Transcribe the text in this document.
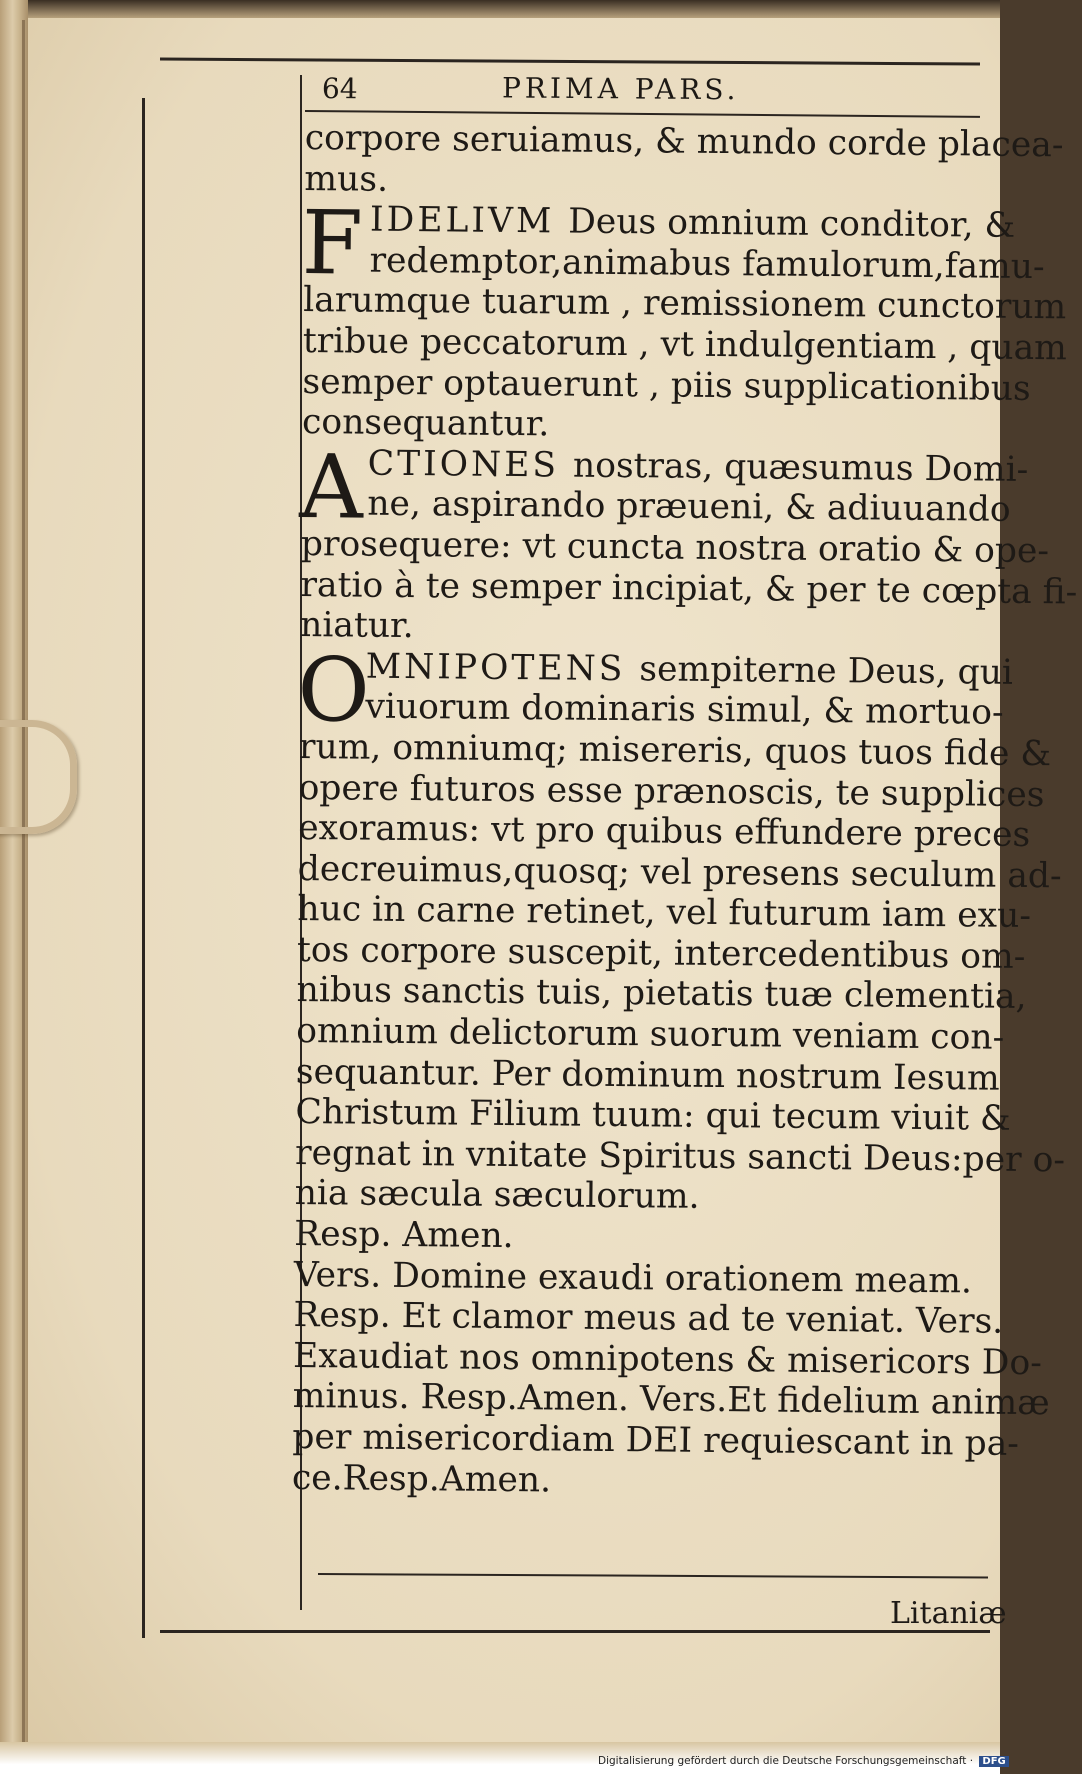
64	PRIMA PARS.
corpore seruiamus, & mundo corde placea-
mus.
F IDELIVM Deus omnium conditor, &
redemptor,animabus famulorum,famu-
larumque tuarum , remissionem cunctorum
tribue peccatorum , vt indulgentiam , quam
semper optauerunt , piis supplicationibus
consequantur.
A CTIONES nostras, quæsumus Domi-
ne, aspirando præueni, & adiuuando
prosequere: vt cuncta nostra oratio & ope-
ratio à te semper incipiat, & per te cœpta fi-
niatur.
O
MNIPOTENS sempiterne Deus, qui
viuorum dominaris simul, & mortuo-
rum, omniumq; misereris, quos tuos fide &
opere futuros esse prænoscis, te supplices
exoramus: vt pro quibus effundere preces
decreuimus,quosq; vel presens seculum ad-
huc in carne retinet, vel futurum iam exu-
tos corpore suscepit, intercedentibus om-
nibus sanctis tuis, pietatis tuæ clementia,
omnium delictorum suorum veniam con-
sequantur. Per dominum nostrum Iesum
Christum Filium tuum: qui tecum viuit &
regnat in vnitate Spiritus sancti Deus:per o-
nia sæcula sæculorum.
Resp. Amen.
Vers. Domine exaudi orationem meam.
Resp. Et clamor meus ad te veniat. Vers.
Exaudiat nos omnipotens & misericors Do-
minus. Resp.Amen. Vers.Et fidelium animæ
per misericordiam DEI requiescant in pa-
ce.Resp.Amen.
Litaniæ
Digitalisierung gefördert durch die Deutsche Forschungsgemeinschaft · DFG
